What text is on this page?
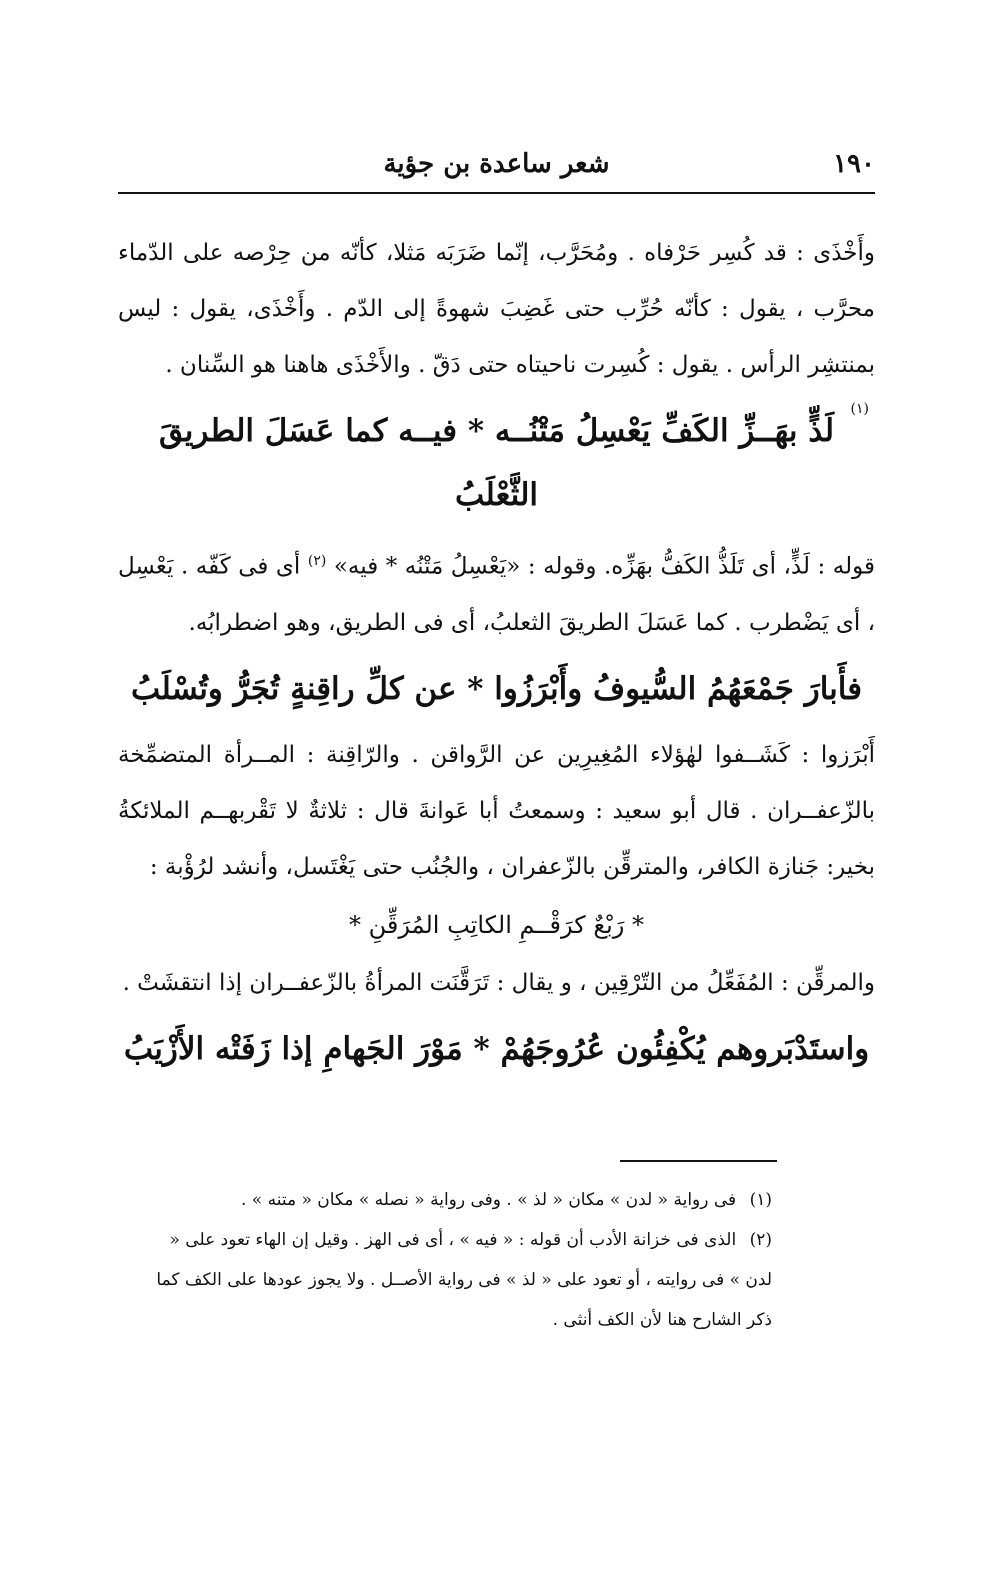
١٩٠
شعر ساعدة بن جؤية

وأَخْذَى : قد كُسِر حَرْفاه . ومُحَرَّب، إنّما ضَرَبَه مَثلا، كأنّه من حِرْصه على الدّماء محرَّب ، يقول : كأنّه حُرِّب حتى غَضِبَ شهوةً إلى الدّم . وأَخْذَى، يقول : ليس بمنتشِر الرأس . يقول : كُسِرت ناحيتاه حتى دَقّ . والأَخْذَى هاهنا هو السِّنان .

(١)
لَذٍّ بهَــزِّ الكَفِّ يَعْسِلُ مَتْنُــه * فيــه كما عَسَلَ الطريقَ الثَّعْلَبُ

قوله : لَذٍّ، أى تَلَذُّ الكَفُّ بهَزِّه. وقوله : «يَعْسِلُ مَتْنُه * فيه» $^{(٢)}$ أى فى كَفّه . يَعْسِل ، أى يَضْطرب . كما عَسَلَ الطريقَ الثعلبُ، أى فى الطريق، وهو اضطرابُه.

فأَبارَ جَمْعَهُمُ السُّيوفُ وأَبْرَزُوا * عن كلِّ راقِنةٍ تُجَرُّ وتُسْلَبُ

أَبْرَزوا : كَشَــفوا لهٰؤلاء المُغِيرِين عن الرَّواقن . والرّاقِنة : المــرأة المتضمِّخة بالزّعفــران . قال أبو سعيد : وسمعتُ أبا عَوانةَ قال : ثلاثةٌ لا تَقْربهــم الملائكةُ بخير: جَنازة الكافر، والمترقِّن بالزّعفران ، والجُنُب حتى يَغْتَسل، وأنشد لرُؤْبة :

* رَبْعٌ كرَقْــمِ الكاتِبِ المُرَقِّنِ *

والمرقِّن : المُفَعِّلُ من التّرْقِين ، و يقال : تَرَقَّنَت المرأةُ بالزّعفــران إذا انتقشَتْ .

واستَدْبَروهم يُكْفِئُون عُرُوجَهُمْ * مَوْرَ الجَهامِ إذا زَفَتْه الأَزْيَبُ

(١) فى رواية « لدن » مكان « لذ » . وفى رواية « نصله » مكان « متنه » .

(٢) الذى فى خزانة الأدب أن قوله : « فيه » ، أى فى الهز . وقيل إن الهاء تعود على « لدن » فى روايته ، أو تعود على « لذ » فى رواية الأصــل . ولا يجوز عودها على الكف كما ذكر الشارح هنا لأن الكف أنثى .
